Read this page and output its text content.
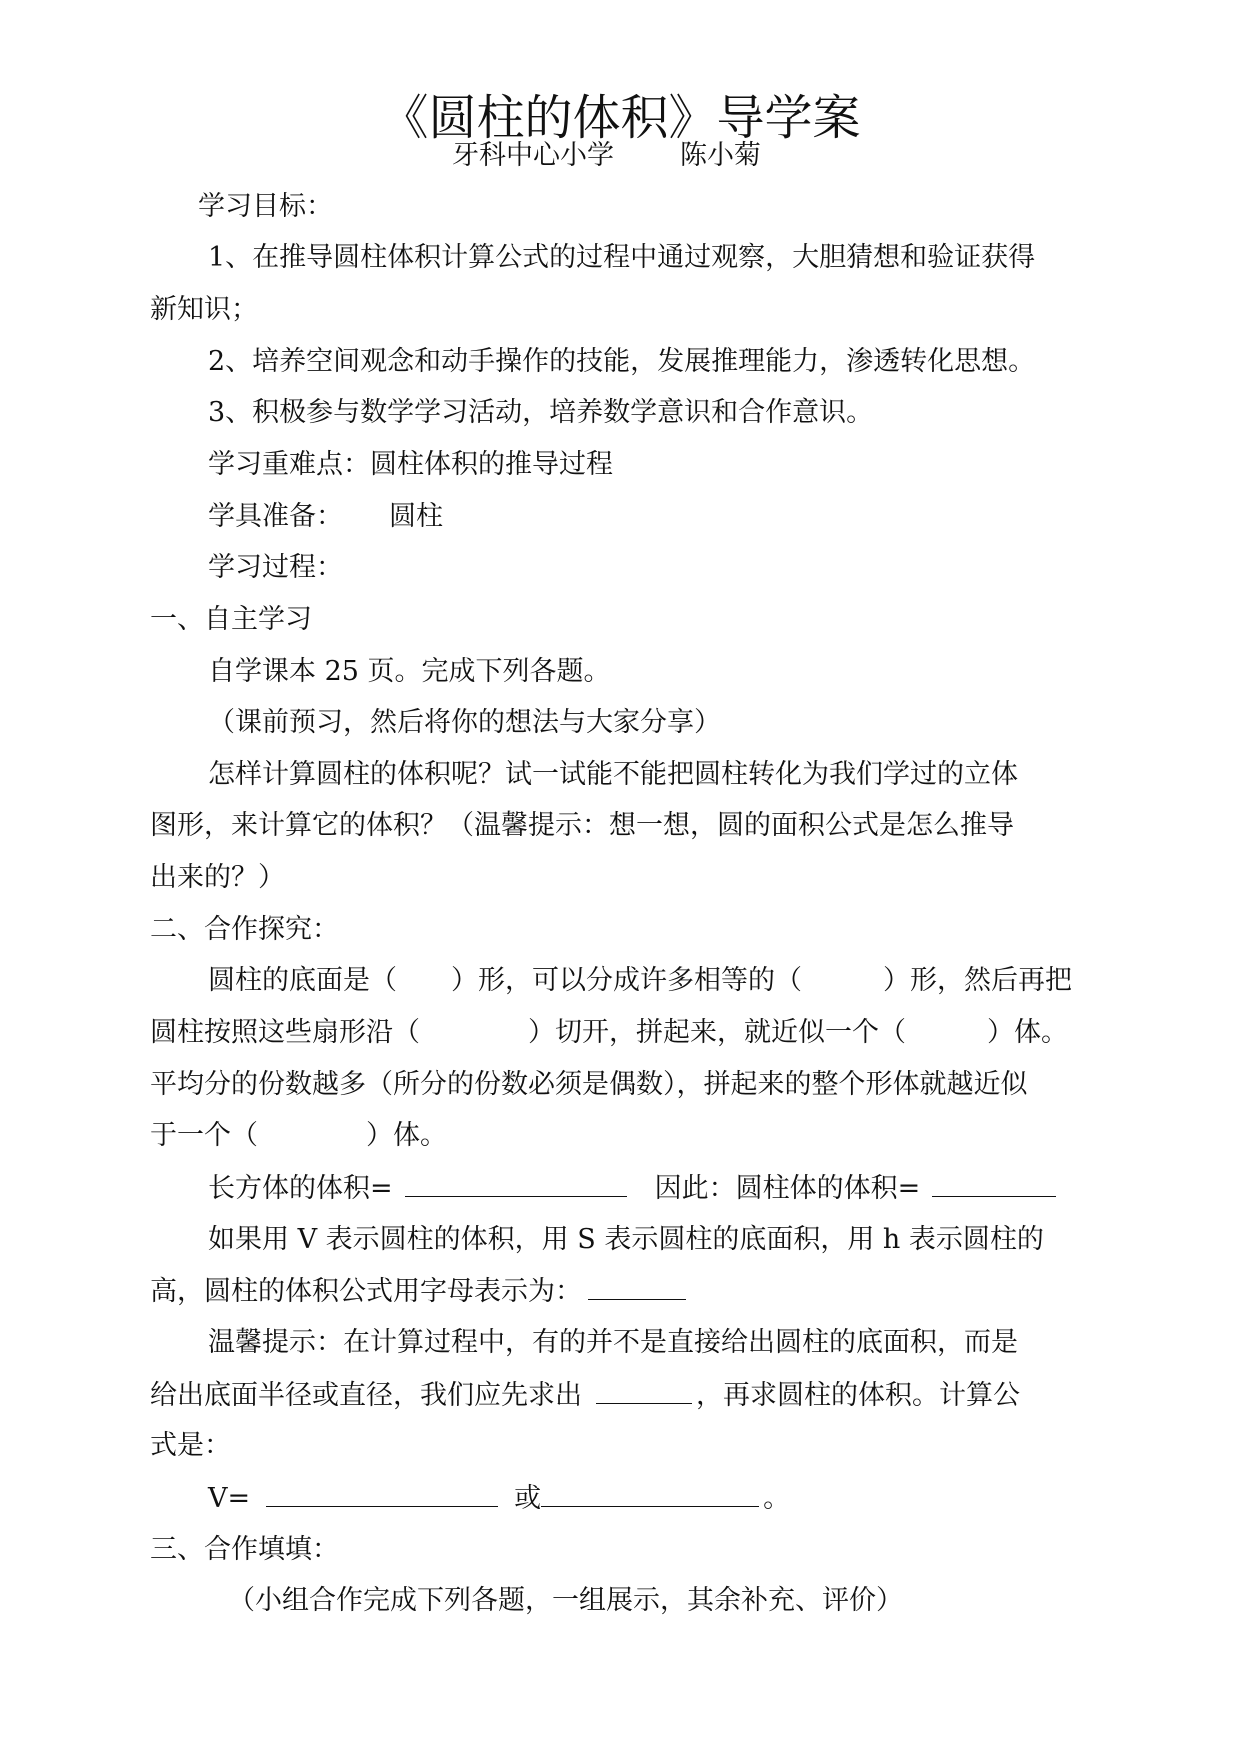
《圆柱的体积》导学案
牙科中心小学 陈小菊
学习目标：
1、在推导圆柱体积计算公式的过程中通过观察，大胆猜想和验证获得
新知识；
2、培养空间观念和动手操作的技能，发展推理能力，渗透转化思想。
3、积极参与数学学习活动，培养数学意识和合作意识。
学习重难点：圆柱体积的推导过程
学具准备： 圆柱
学习过程：
一、自主学习
自学课本 25 页。完成下列各题。
（课前预习，然后将你的想法与大家分享）
怎样计算圆柱的体积呢？试一试能不能把圆柱转化为我们学过的立体
图形，来计算它的体积？（温馨提示：想一想，圆的面积公式是怎么推导
出来的？）
二、合作探究：
圆柱的底面是（　　）形，可以分成许多相等的（　　　）形，然后再把
圆柱按照这些扇形沿（　　　　）切开，拼起来，就近似一个（　　　）体。
平均分的份数越多（所分的份数必须是偶数），拼起来的整个形体就越近似
于一个（　　　　）体。
长方体的体积=	因此：圆柱体的体积=
如果用 V 表示圆柱的体积，用 S 表示圆柱的底面积，用 h 表示圆柱的
高，圆柱的体积公式用字母表示为：
温馨提示：在计算过程中，有的并不是直接给出圆柱的底面积，而是
给出底面半径或直径，我们应先求出	，再求圆柱的体积。计算公
式是：
V=	或	。
三、合作填填：
（小组合作完成下列各题，一组展示，其余补充、评价）
